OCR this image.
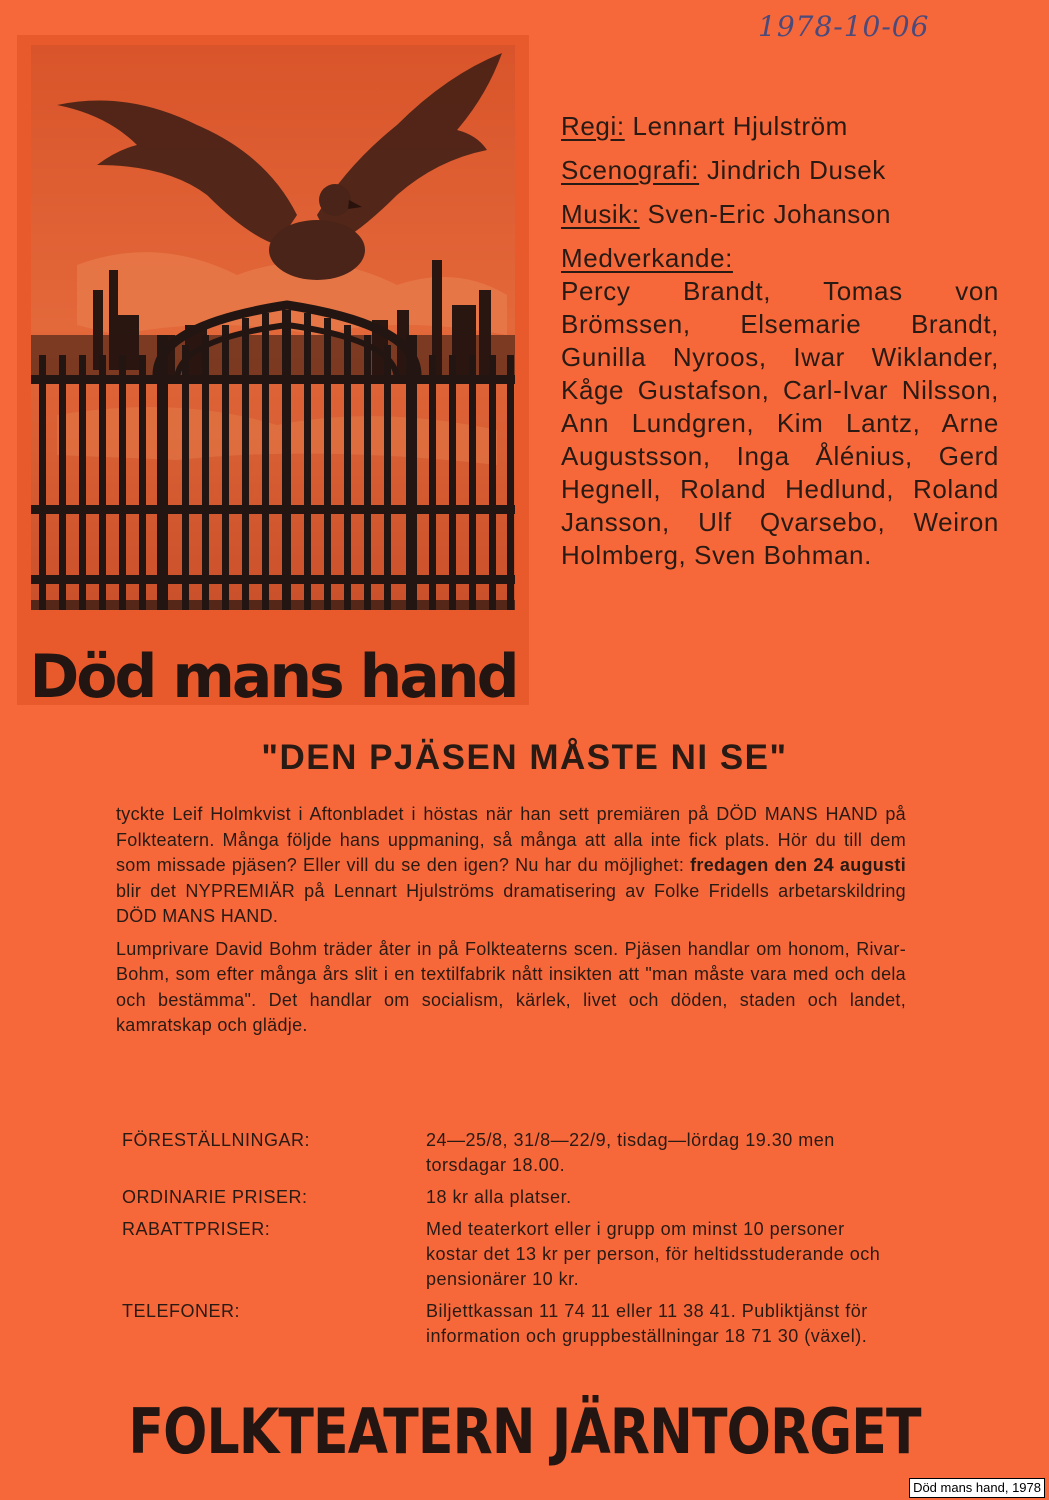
1978-10-06
Död mans hand
Regi: Lennart Hjulström
Scenografi: Jindrich Dusek
Musik: Sven-Eric Johanson
Medverkande:
Percy Brandt, Tomas von Brömssen, Elsemarie Brandt, Gunilla Nyroos, Iwar Wiklander, Kåge Gustafson, Carl-Ivar Nilsson, Ann Lundgren, Kim Lantz, Arne Augustsson, Inga Ålénius, Gerd Hegnell, Roland Hedlund, Roland Jansson, Ulf Qvarsebo, Weiron Holmberg, Sven Bohman.
"DEN PJÄSEN MÅSTE NI SE"

tyckte Leif Holmkvist i Aftonbladet i höstas när han sett premiären på DÖD MANS HAND på Folkteatern. Många följde hans uppmaning, så många att alla inte fick plats. Hör du till dem som missade pjäsen? Eller vill du se den igen? Nu har du möjlighet: fredagen den 24 augusti blir det NYPREMIÄR på Lennart Hjulströms dramatisering av Folke Fridells arbetarskildring DÖD MANS HAND.

Lumprivare David Bohm träder åter in på Folkteaterns scen. Pjäsen handlar om honom, Rivar-Bohm, som efter många års slit i en textilfabrik nått insikten att "man måste vara med och dela och bestämma". Det handlar om socialism, kärlek, livet och döden, staden och landet, kamratskap och glädje.

FÖRESTÄLLNINGAR:	24—25/8, 31/8—22/9, tisdag—lördag 19.30 men torsdagar 18.00.
ORDINARIE PRISER:	18 kr alla platser.
RABATTPRISER:	Med teaterkort eller i grupp om minst 10 personer kostar det 13 kr per person, för heltidsstuderande och pensionärer 10 kr.
TELEFONER:	Biljettkassan 11 74 11 eller 11 38 41. Publiktjänst för information och gruppbeställningar 18 71 30 (växel).
FOLKTEATERN JÄRNTORGET
Död mans hand, 1978
